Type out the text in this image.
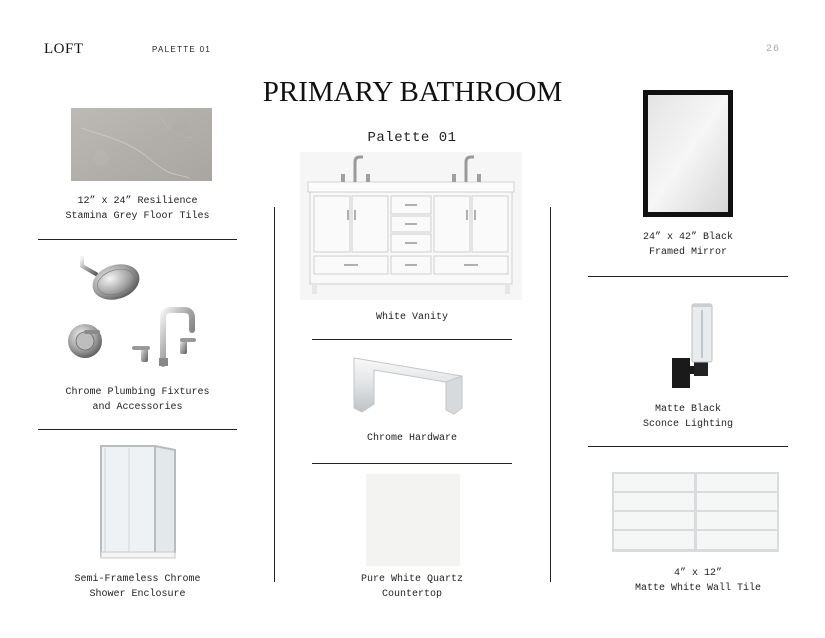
LOFT	PALETTE 01	26
PRIMARY BATHROOM
Palette 01
12” x 24” Resilience
Stamina Grey Floor Tiles
Chrome Plumbing Fixtures
and Accessories
Semi-Frameless Chrome
Shower Enclosure
White Vanity
Chrome Hardware
Pure White Quartz
Countertop
24” x 42” Black
Framed Mirror
Matte Black
Sconce Lighting
4” x 12”
Matte White Wall Tile
